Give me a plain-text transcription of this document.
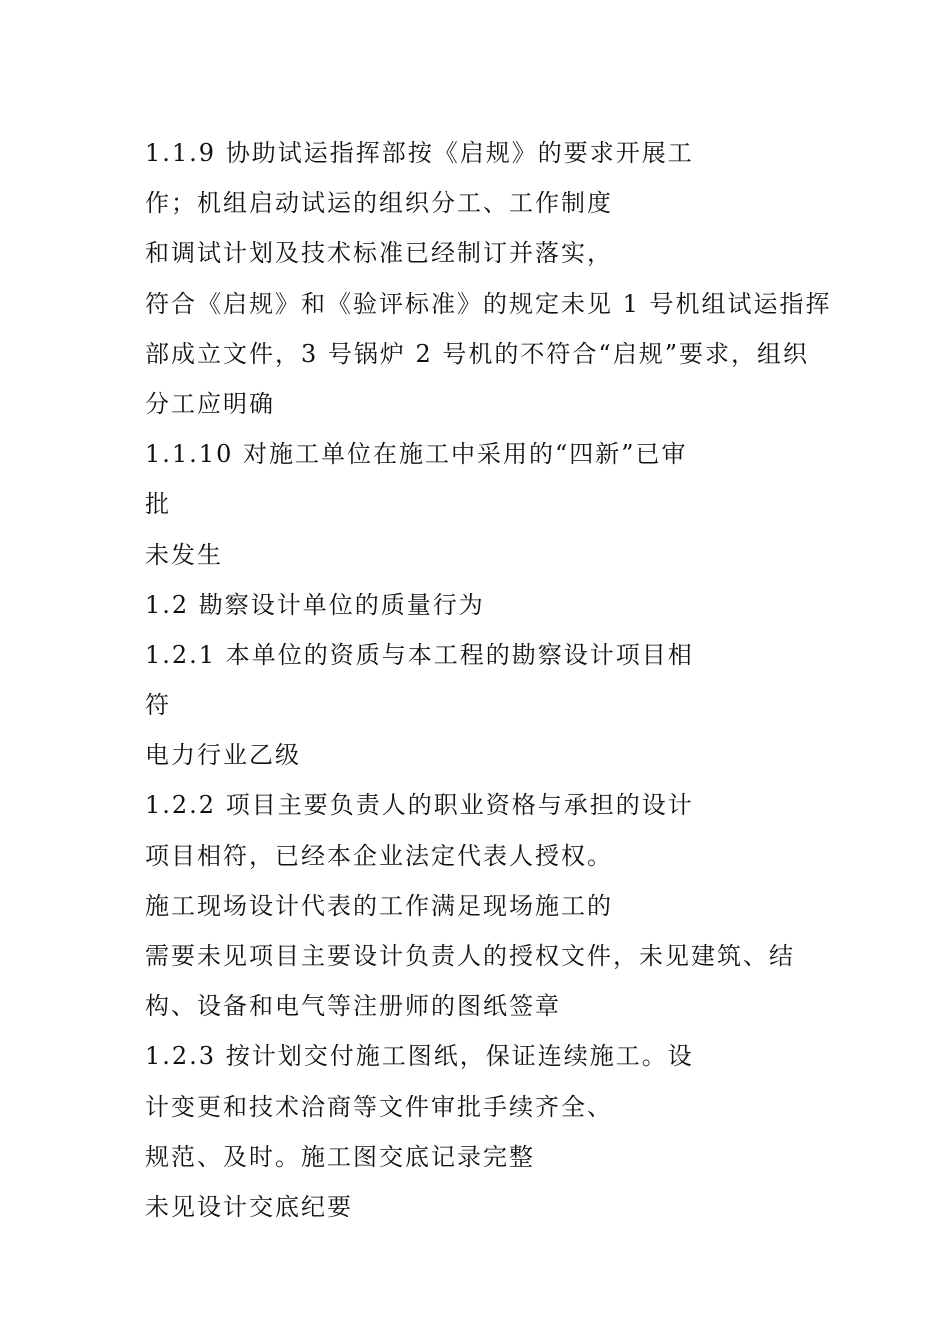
1.1.9 协助试运指挥部按《启规》的要求开展工
作；机组启动试运的组织分工、工作制度
和调试计划及技术标准已经制订并落实，
符合《启规》和《验评标准》的规定未见 1 号机组试运指挥
部成立文件，3 号锅炉 2 号机的不符合“启规”要求，组织
分工应明确
1.1.10 对施工单位在施工中采用的“四新”已审
批
未发生
1.2 勘察设计单位的质量行为
1.2.1 本单位的资质与本工程的勘察设计项目相
符
电力行业乙级
1.2.2 项目主要负责人的职业资格与承担的设计
项目相符，已经本企业法定代表人授权。
施工现场设计代表的工作满足现场施工的
需要未见项目主要设计负责人的授权文件，未见建筑、结
构、设备和电气等注册师的图纸签章
1.2.3 按计划交付施工图纸，保证连续施工。设
计变更和技术洽商等文件审批手续齐全、
规范、及时。施工图交底记录完整
未见设计交底纪要
